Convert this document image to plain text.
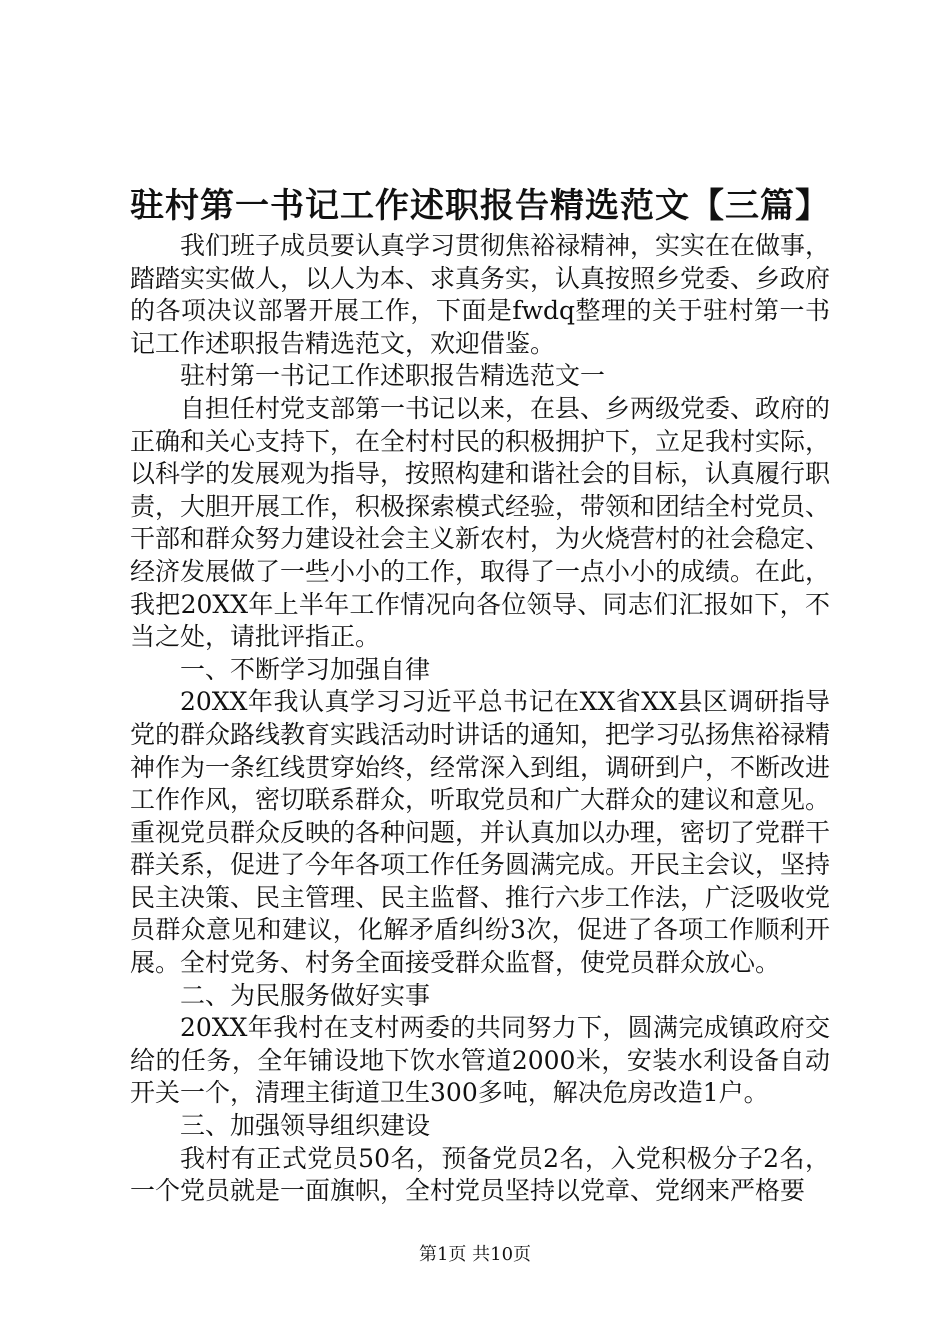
驻村第一书记工作述职报告精选范文【三篇】

我们班子成员要认真学习贯彻焦裕禄精神，实实在在做事，踏踏实实做人，以人为本、求真务实，认真按照乡党委、乡政府的各项决议部署开展工作，下面是fwdq整理的关于驻村第一书记工作述职报告精选范文，欢迎借鉴。

驻村第一书记工作述职报告精选范文一

自担任村党支部第一书记以来，在县、乡两级党委、政府的正确和关心支持下，在全村村民的积极拥护下，立足我村实际，以科学的发展观为指导，按照构建和谐社会的目标，认真履行职责，大胆开展工作，积极探索模式经验，带领和团结全村党员、干部和群众努力建设社会主义新农村，为火烧营村的社会稳定、经济发展做了一些小小的工作，取得了一点小小的成绩。在此，我把20XX年上半年工作情况向各位领导、同志们汇报如下，不当之处，请批评指正。

一、不断学习加强自律

20XX年我认真学习习近平总书记在XX省XX县区调研指导党的群众路线教育实践活动时讲话的通知，把学习弘扬焦裕禄精神作为一条红线贯穿始终，经常深入到组，调研到户，不断改进工作作风，密切联系群众，听取党员和广大群众的建议和意见。重视党员群众反映的各种问题，并认真加以办理，密切了党群干群关系，促进了今年各项工作任务圆满完成。开民主会议，坚持民主决策、民主管理、民主监督、推行六步工作法，广泛吸收党员群众意见和建议，化解矛盾纠纷3次，促进了各项工作顺利开展。全村党务、村务全面接受群众监督，使党员群众放心。

二、为民服务做好实事

20XX年我村在支村两委的共同努力下，圆满完成镇政府交给的任务，全年铺设地下饮水管道2000米，安装水利设备自动开关一个，清理主街道卫生300多吨，解决危房改造1户。

三、加强领导组织建设

我村有正式党员50名，预备党员2名，入党积极分子2名，一个党员就是一面旗帜，全村党员坚持以党章、党纲来严格要

第1页 共10页
